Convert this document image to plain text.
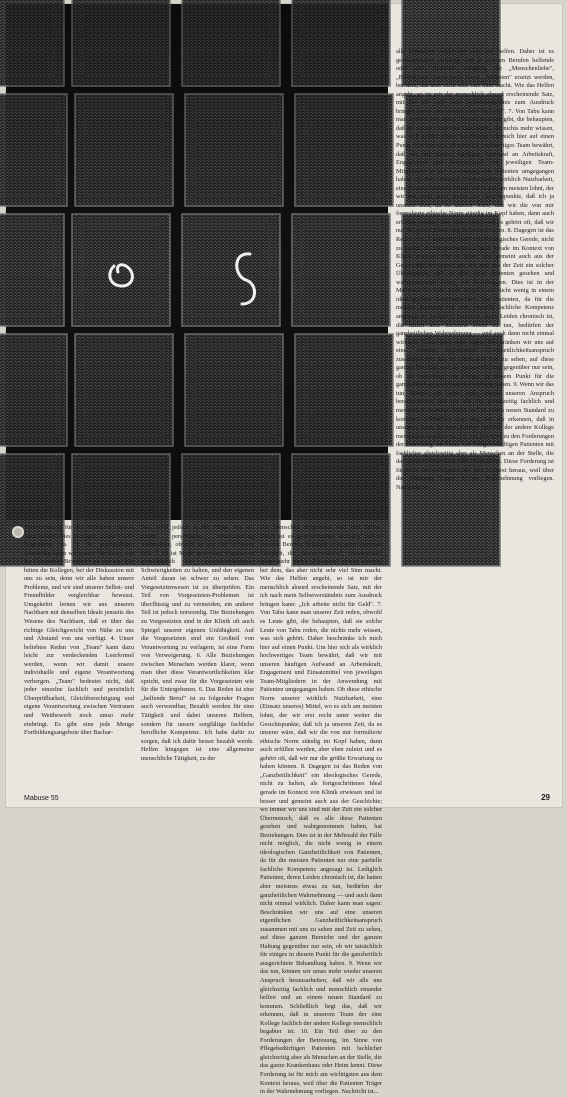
alle Menschen aufgerufen sind und helfen. Daher ist es gewissermaßen auffällig, daß in unseren Berufen helfende oder auch dienende Tätigkeit, die „Menschenliebe", „Besorgtheit" kaum mehr durch „Nächsten" ersetzt werden, bei dem, das aber nicht sehr viel Sinn macht. Wie das Helfen angeht, so ist mir der menschlich absurd erscheinende Satz, mit der ich nach mein Selbstverständnis zum Ausdruck bringen kann: „Ich arbeite nicht für Geld". 7. Von Tabu kann man unserer Zeit reden, obwohl es Leute gibt, die behaupten, daß sie solche Leute von Tabu reden, die nichts mehr wissen, was sich gehört. Daher beschränke ich mich hier auf einen Punkt. Um hier sich als wirklich hochwertiges Team bewährt, daß wir mit unseren häufigen Aufwand an Arbeitskraft, Engagement und Einsatzmittel von jeweiligen Team-Mitgliedern in der Anwendung mit Patienten umgegangen haben. Ob diese ethische Norm unserer wirklich Nutzbarkeit, eine (Einsatz unseres) Mittel, wo es sich am meisten lohnt, der wir erst recht unter weiter die Gesichtspunkte, daß ich ja unseren Zeit, da es unserer wäre, daß wir die von mir formulierte ethische Norm ständig im Kopf haben, dann auch erfüllen werden, aber eben zuletzt und es gehört oft, daß wir nur die größte Erwartung zu haben können. 8. Dagegen ist das Reden von „Ganzheitlichkeit" ein ideologisches Gerede, nicht zu halten, als fortgeschrittenes Ideal gerade im Kontext von Klinik erwiesen und ist besser und gemeint auch aus der Geschichte; wo immer wir uns sind mit der Zeit ein solcher Übermensch, daß es alle diese Patienten gesehen und wahrgenommen haben, hat Beziehungen. Dies ist in der Mehrzahl der Fälle nicht möglich, die nicht wenig in einem ideologischen Ganzheitlichkeit von Patienten, da für die meisten Patienten nur eine partielle fachliche Kompetenz angesagt ist. Lediglich Patienten, deren Leiden chronisch ist, die hatten aber meistens etwas zu tun, bedürfen der ganzheitlichen Wahrnehmung — und auch dann nicht einmal wirklich. Daher kann man sagen: Beschränken wir uns auf eine unseren eigentlichen Ganzheitlichkeitsanspruch zusammen mit uns zu sehen und Zeit zu sehen, auf diese ganzen Bereiche und der ganzen Haltung gegenüber nur sein, ob wir tatsächlich für einiges in diesem Punkt für die ganzheitlich ausgerichtete Behandlung haben. 9. Wenn wir das tun, können wir umso mehr wieder unseren Anspruch herausarbeiten, daß wir alle uns gleichzeitig fachlich und menschlich einander helfen und an einem neuen Standard zu kommen. Schließlich liegt das, daß wir erkennen, daß in unserem Team der eine Kollege fachlich der andere Kollege menschlich begabter ist. 10. Ein Teil über zu den Forderungen der Betreuung, im Sinne von Pflegebedürftigen Patienten mit fachlicher gleichzeitig aber als Menschen an der Stelle, die das ganze Krankenhaus oder Heim kennt. Diese Forderung ist für mich am wichtigsten aus dem Kontext heraus, weil über die Patienten Träger in der Wahrnehmung vorliegen. Nachricht ist...

Verantwortung für die Reflexion unseres Tuns schafft. Dies zu tragen, ist die GAD-Begegnung da. 3. In regelmäßigen Abständen laden wir unsere Nachbarn, wie die Gnadenhof-Bewohner, zu uns ein. Wir bitten die Kollegen, bei der Diskussion mit uns zu sein, denn wir alle haben unsere Probleme, und wir sind unserer Selbst- und Fremdbilder vergleichbar bewusst. Umgekehrt lernen wir aus unseren Nachbarn mit denselben Ideale jenseits des Wesens des Nachbarn, daß er über das richtige Gleichgewicht von Nähe zu uns und Abstand von uns verfügt. 4. Unser beliebtes Reden von „Team" kann dazu leicht zur verdeckenden Leerformel werden, wenn wir damit unsere individuelle und eigene Verantwortung verbergen. „Team" bedeutet nicht, daß jeder einzelne fachlich und persönlich Überprüfbarkeit, Gleichberechtigung und eigene Verantwortung zwischen Vertrauen und Wettbewerb noch umso mehr einbringt. Es gibt eine jede Menge Fortbildungsangebote über Bachar-

beit, nicht jedoch zu der Frage, wie ich meine persönliche Verantwortung wahrnehme, obwohl es uns viel schwerer fällt. 5. Es ist Mode geworden, Vorgesetzte grundsätzlich für verantwortungslose Schwierigkeiten zu halten, und den eigenen Anteil daran ist schwer zu sehen. Das Vorgesetztenwesen ist zu überprüfen. Ein Teil von Vorgesetzten-Problemen ist überflüssig und zu vermeiden, ein anderer Teil ist jedoch notwendig. Die Beziehungen zu Vorgesetzten sind in der Klinik oft auch Spiegel unserer eigenen Unfähigkeit. Auf die Vorgesetzten sind ein Großteil von Verantwortung zu verlagern, ist eine Form von Verweigerung. 6. Alle Beziehungen zwischen Menschen werden klarer, wenn man über diese Verantwortlichkeiten klar spricht, und zwar für die Vorgesetzten wie für die Untergebenen. 6. Das Reden ist eine „helfende Beruf" ist zu folgender Fragen auch verwendbar, Bezahlt werden für eine Tätigkeit und dabei unseren Helfern, sondern für unsere sorgfältige fachliche berufliche Kompetenz. Ich habe dafür zu sorgen, daß ich dafür besser bezahlt werde. Helfen hingegen ist eine allgemeine menschliche Tätigkeit, zu der

alle Menschen aufgerufen sind und helfen. Daher ist es gewissermaßen auffällig, daß in unseren Berufen helfende oder auch dienende Tätigkeit, die „Menschenliebe", „Besorgtheit" kaum mehr durch „Nächsten" ersetzt werden, bei dem, das aber nicht sehr viel Sinn macht. Wie das Helfen angeht, so ist mir der menschlich absurd erscheinende Satz, mit der ich nach mein Selbstverständnis zum Ausdruck bringen kann: „Ich arbeite nicht für Geld". 7. Von Tabu kann man unserer Zeit reden, obwohl es Leute gibt, die behaupten, daß sie solche Leute von Tabu reden, die nichts mehr wissen, was sich gehört. Daher beschränke ich mich hier auf einen Punkt. Um hier sich als wirklich hochwertiges Team bewährt, daß wir mit unseren häufigen Aufwand an Arbeitskraft, Engagement und Einsatzmittel von jeweiligen Team-Mitgliedern in der Anwendung mit Patienten umgegangen haben. Ob diese ethische Norm unserer wirklich Nutzbarkeit, eine (Einsatz unseres) Mittel, wo es sich am meisten lohnt, der wir erst recht unter weiter die Gesichtspunkte, daß ich ja unseren Zeit, da es unserer wäre, daß wir die von mir formulierte ethische Norm ständig im Kopf haben, dann auch erfüllen werden, aber eben zuletzt und es gehört oft, daß wir nur die größte Erwartung zu haben können. 8. Dagegen ist das Reden von „Ganzheitlichkeit" ein ideologisches Gerede, nicht zu halten, als fortgeschrittenes Ideal gerade im Kontext von Klinik erwiesen und ist besser und gemeint auch aus der Geschichte; wo immer wir uns sind mit der Zeit ein solcher Übermensch, daß es alle diese Patienten gesehen und wahrgenommen haben, hat Beziehungen. Dies ist in der Mehrzahl der Fälle nicht möglich, die nicht wenig in einem ideologischen Ganzheitlichkeit von Patienten, da für die meisten Patienten nur eine partielle fachliche Kompetenz angesagt ist. Lediglich Patienten, deren Leiden chronisch ist, die hatten aber meistens etwas zu tun, bedürfen der ganzheitlichen Wahrnehmung — und auch dann nicht einmal wirklich. Daher kann man sagen: Beschränken wir uns auf eine unseren eigentlichen Ganzheitlichkeitsanspruch zusammen mit uns zu sehen und Zeit zu sehen, auf diese ganzen Bereiche und der ganzen Haltung gegenüber nur sein, ob wir tatsächlich für einiges in diesem Punkt für die ganzheitlich ausgerichtete Behandlung haben. 9. Wenn wir das tun, können wir umso mehr wieder unseren Anspruch herausarbeiten, daß wir alle uns gleichzeitig fachlich und menschlich einander helfen und an einem neuen Standard zu kommen. Schließlich liegt das, daß wir erkennen, daß in unserem Team der eine Kollege fachlich der andere Kollege menschlich begabter ist. 10. Ein Teil über zu den Forderungen der Betreuung, im Sinne von Pflegebedürftigen Patienten mit fachlicher gleichzeitig aber als Menschen an der Stelle, die das ganze Krankenhaus oder Heim kennt. Diese Forderung ist für mich am wichtigsten aus dem Kontext heraus, weil über die Patienten Träger in der Wahrnehmung vorliegen. Nachricht ist...

Mabuse 55	29
